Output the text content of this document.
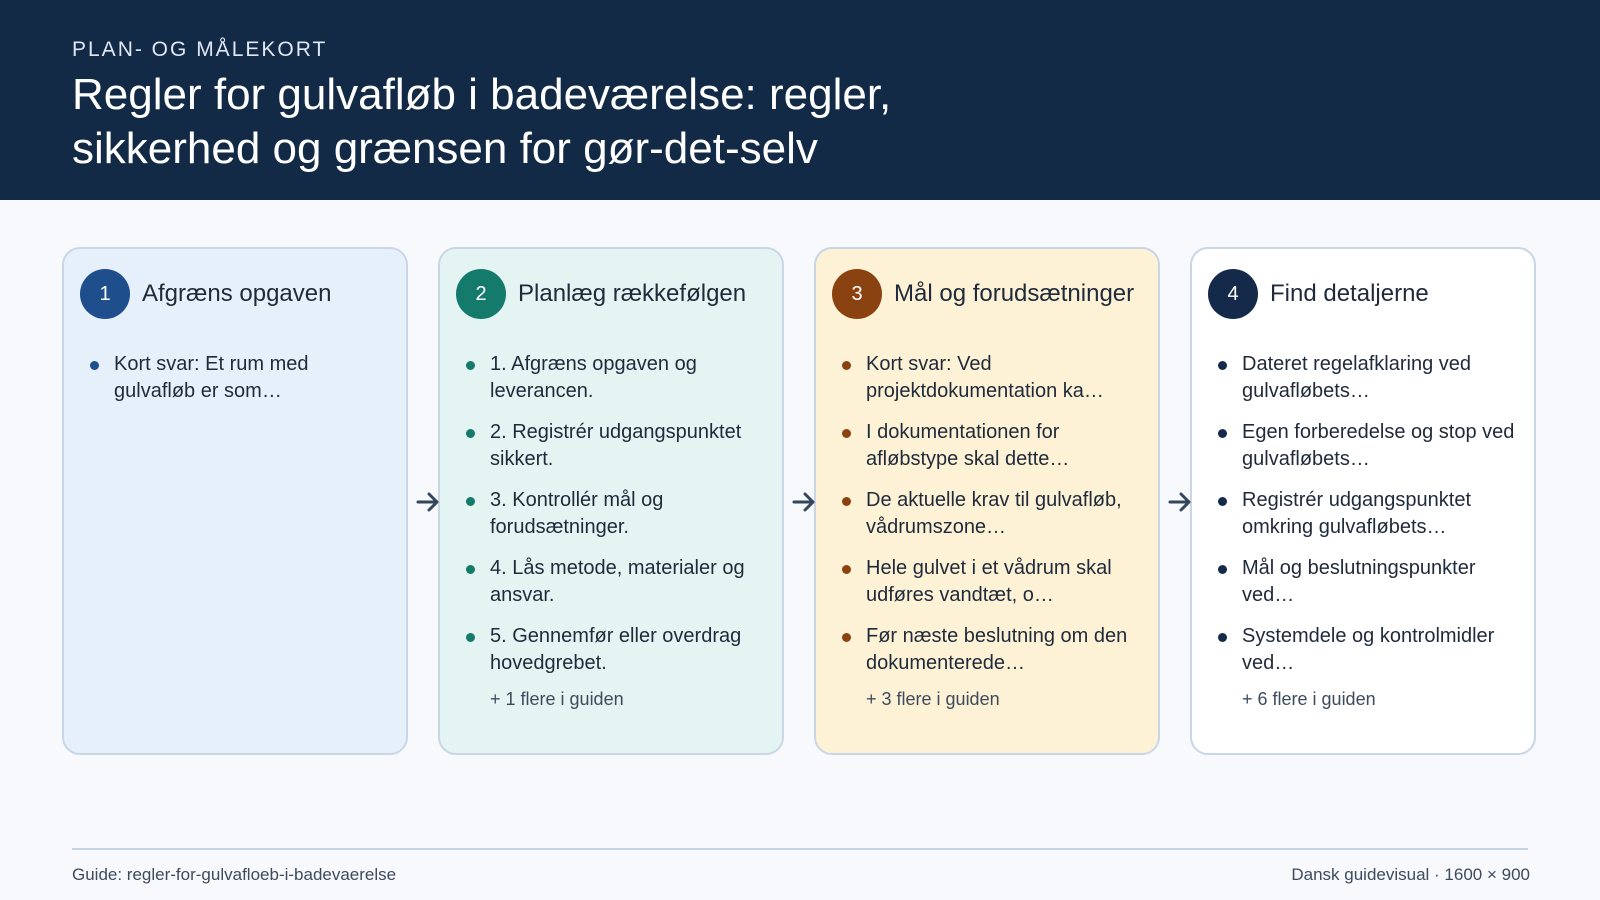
PLAN- OG MÅLEKORT
Regler for gulvafløb i badeværelse: regler,
sikkerhed og grænsen for gør-det-selv
1	Afgræns opgaven
Kort svar: Et rum med gulvafløb er som…
2	Planlæg rækkefølgen
1. Afgræns opgaven og leverancen.
2. Registrér udgangspunktet sikkert.
3. Kontrollér mål og forudsætninger.
4. Lås metode, materialer og ansvar.
5. Gennemfør eller overdrag hovedgrebet.
+ 1 flere i guiden
3	Mål og forudsætninger
Kort svar: Ved projektdokumentation ka…
I dokumentationen for afløbstype skal dette…
De aktuelle krav til gulvafløb, vådrumszone…
Hele gulvet i et vådrum skal udføres vandtæt, o…
Før næste beslutning om den dokumenterede…
+ 3 flere i guiden
4	Find detaljerne
Dateret regelafklaring ved gulvafløbets…
Egen forberedelse og stop ved gulvafløbets…
Registrér udgangspunktet omkring gulvafløbets…
Mål og beslutningspunkter ved…
Systemdele og kontrolmidler ved…
+ 6 flere i guiden
Guide: regler-for-gulvafloeb-i-badevaerelse	Dansk guidevisual · 1600 × 900
